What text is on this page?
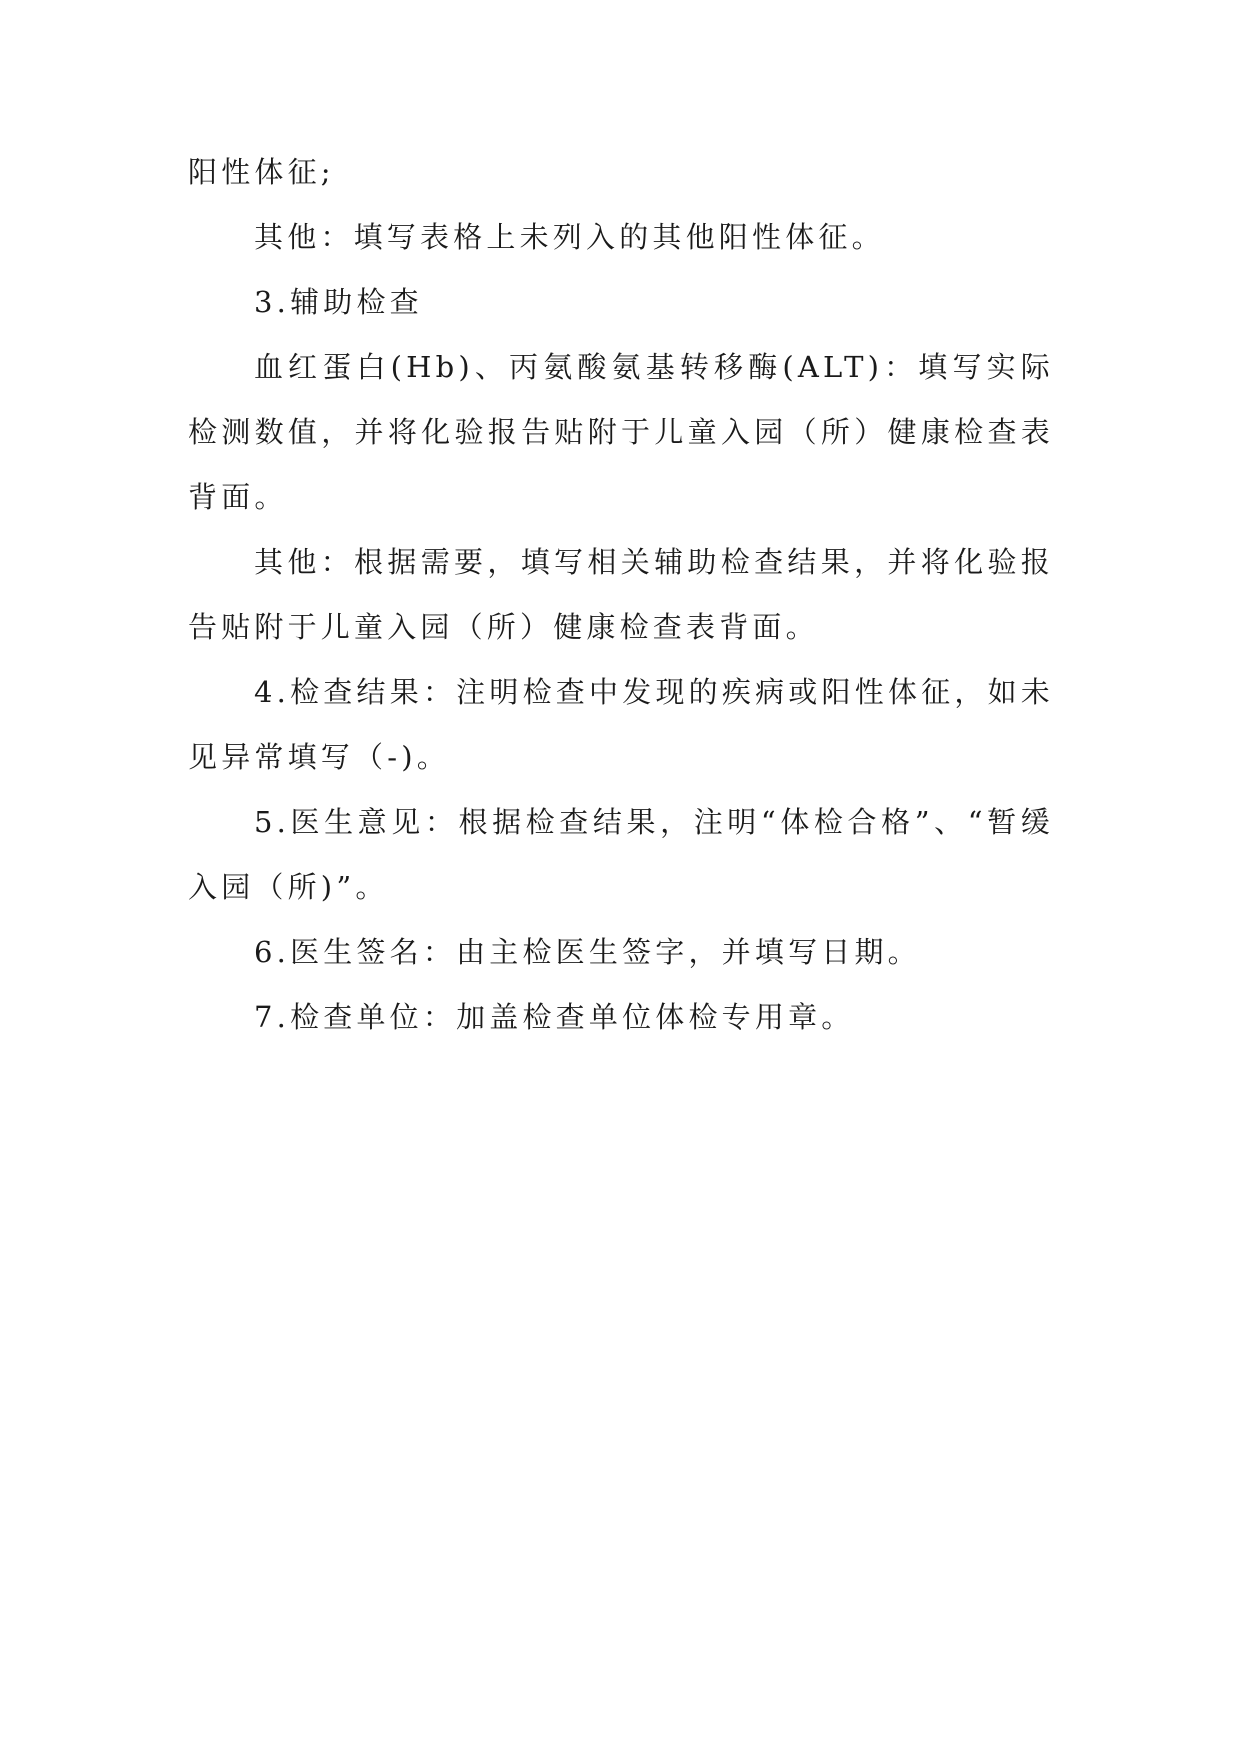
阳性体征;

其他：填写表格上未列入的其他阳性体征。

3.辅助检查

血红蛋白(Hb)、丙氨酸氨基转移酶(ALT)：填写实际检测数值，并将化验报告贴附于儿童入园（所）健康检查表背面。

其他：根据需要，填写相关辅助检查结果，并将化验报告贴附于儿童入园（所）健康检查表背面。

4.检查结果：注明检查中发现的疾病或阳性体征，如未见异常填写（-)。

5.医生意见：根据检查结果，注明“体检合格”、“暂缓入园（所)”。

6.医生签名：由主检医生签字，并填写日期。

7.检查单位：加盖检查单位体检专用章。
